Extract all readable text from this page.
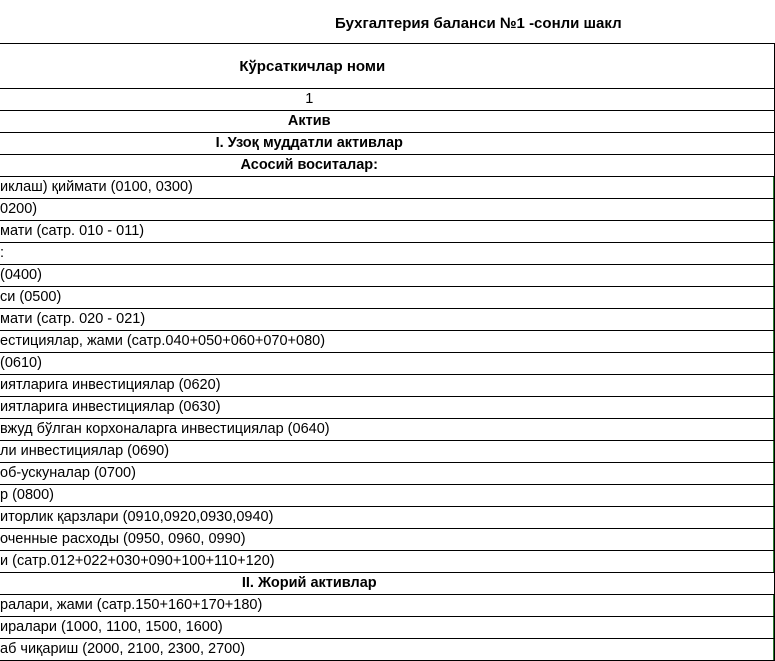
Бухгалтерия баланси №1 -сонли шакл
Кўрсаткичлар номи
1
Актив
I. Узоқ муддатли активлар
Асосий воситалар:
иклаш) қиймати (0100, 0300)

0200)

мати (сатр. 010 - 011)

:

(0400)

си (0500)

мати (сатр. 020 - 021)

естициялар, жами (сатр.040+050+060+070+080)

(0610)

иятларига инвестициялар (0620)

иятларига инвестициялар (0630)

вжуд бўлган корхоналарга инвестициялар (0640)

ли инвестициялар (0690)

об-ускуналар (0700)

р (0800)

иторлик қарзлари (0910,0920,0930,0940)

оченные расходы (0950, 0960, 0990)

и (сатр.012+022+030+090+100+110+120)

II. Жорий активлар
ралари, жами (сатр.150+160+170+180)

иралари (1000, 1100, 1500, 1600)

аб чиқариш (2000, 2100, 2300, 2700)
